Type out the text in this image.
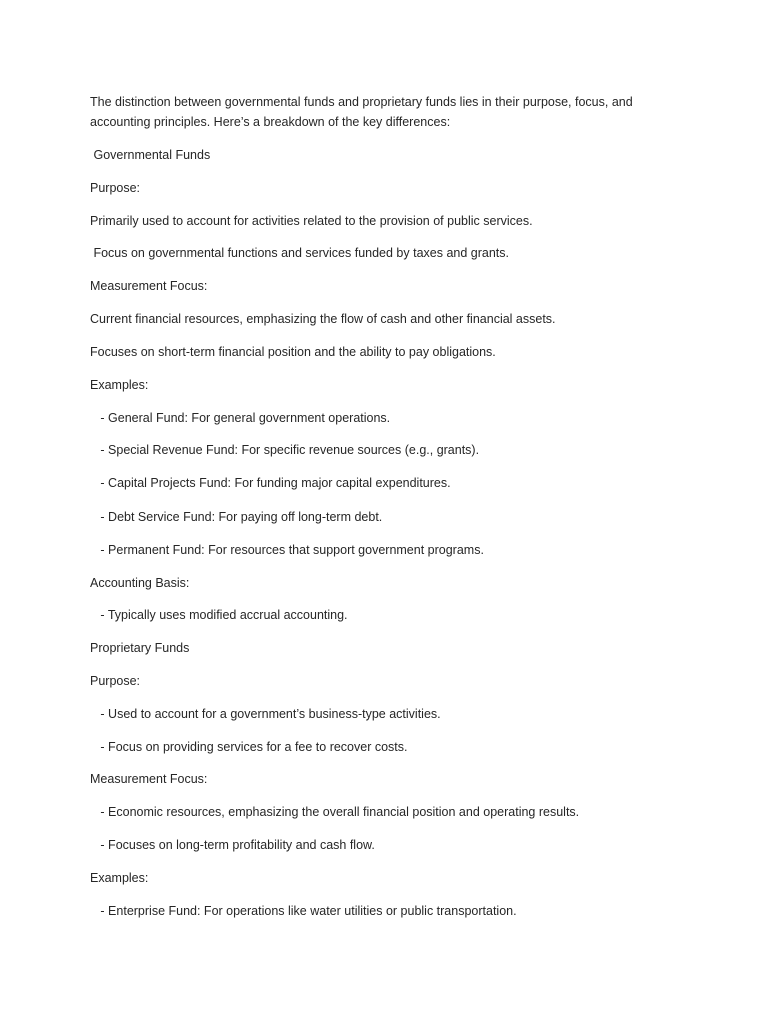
The distinction between governmental funds and proprietary funds lies in their purpose, focus, and accounting principles. Here’s a breakdown of the key differences:

Governmental Funds

Purpose:

Primarily used to account for activities related to the provision of public services.

Focus on governmental functions and services funded by taxes and grants.

Measurement Focus:

Current financial resources, emphasizing the flow of cash and other financial assets.

Focuses on short-term financial position and the ability to pay obligations.

Examples:

- General Fund: For general government operations.

- Special Revenue Fund: For specific revenue sources (e.g., grants).

- Capital Projects Fund: For funding major capital expenditures.

- Debt Service Fund: For paying off long-term debt.

- Permanent Fund: For resources that support government programs.

Accounting Basis:

- Typically uses modified accrual accounting.

Proprietary Funds

Purpose:

- Used to account for a government’s business-type activities.

- Focus on providing services for a fee to recover costs.

Measurement Focus:

- Economic resources, emphasizing the overall financial position and operating results.

- Focuses on long-term profitability and cash flow.

Examples:

- Enterprise Fund: For operations like water utilities or public transportation.
